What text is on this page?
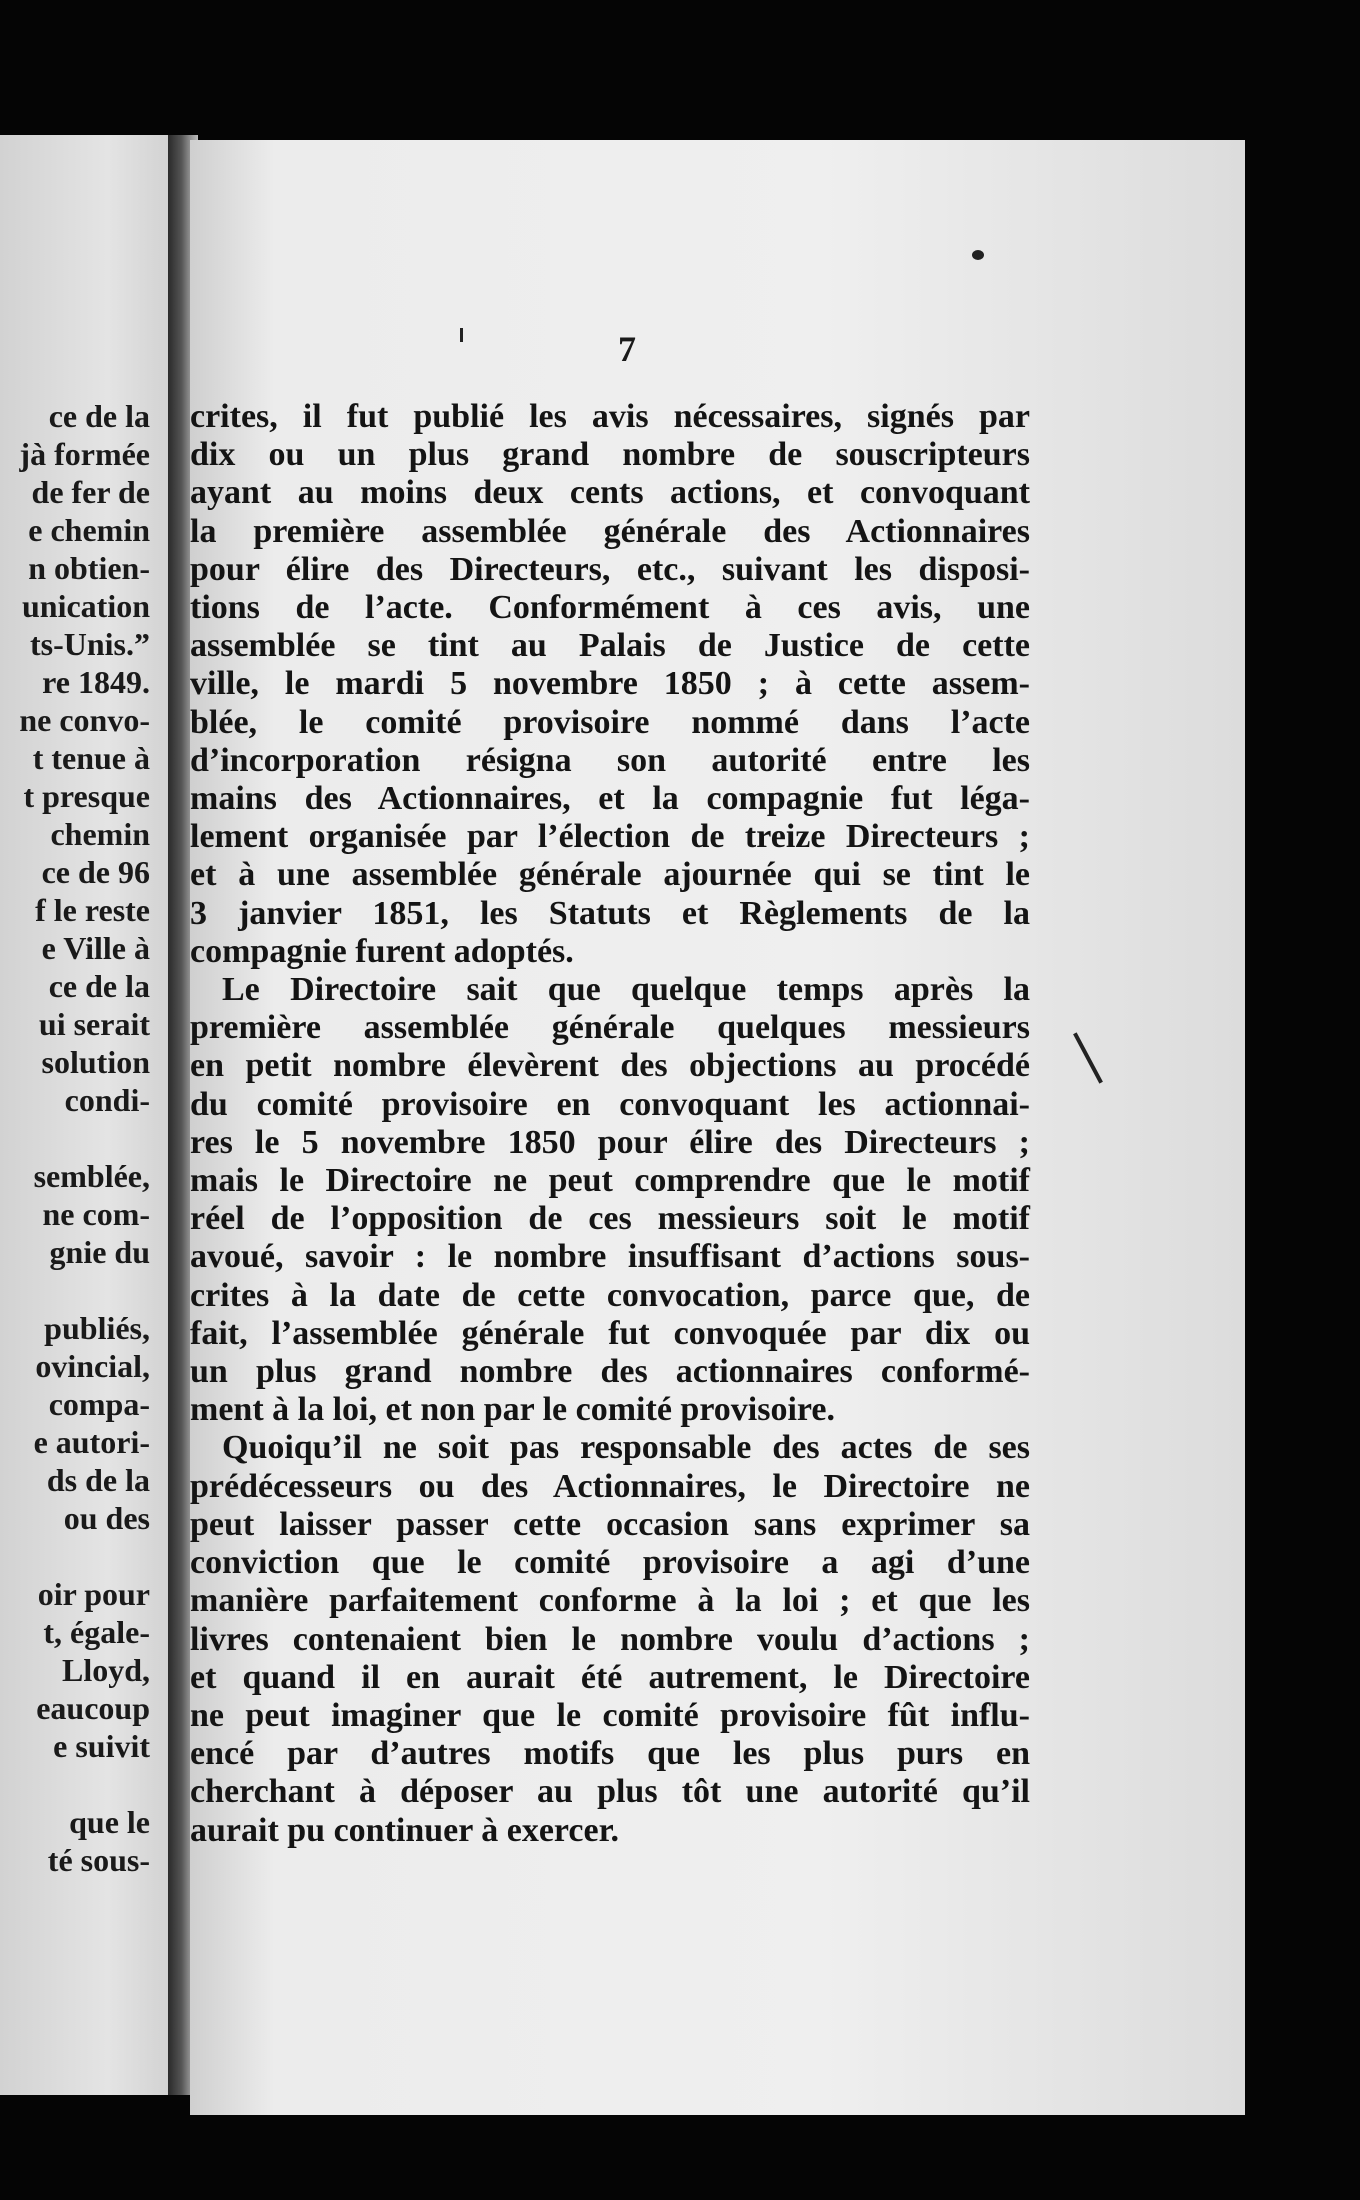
ce de la
jà formée
de fer de
e chemin
n obtien-
unication
ts-Unis.”
re 1849.
ne convo-
t tenue à
t presque
chemin
ce de 96
f le reste
e Ville à
ce de la
ui serait
solution
condi-

semblée,
ne com-
gnie du

publiés,
ovincial,
compa-
e autori-
ds de la
ou des

oir pour
t, égale-
Lloyd,
eaucoup
e suivit

que le
té sous-
7
crites, il fut publié les avis nécessaires, signés par
dix ou un plus grand nombre de souscripteurs
ayant au moins deux cents actions, et convoquant
la première assemblée générale des Actionnaires
pour élire des Directeurs, etc., suivant les disposi-
tions de l’acte. Conformément à ces avis, une
assemblée se tint au Palais de Justice de cette
ville, le mardi 5 novembre 1850 ; à cette assem-
blée, le comité provisoire nommé dans l’acte
d’incorporation résigna son autorité entre les
mains des Actionnaires, et la compagnie fut léga-
lement organisée par l’élection de treize Directeurs ;
et à une assemblée générale ajournée qui se tint le
3 janvier 1851, les Statuts et Règlements de la
compagnie furent adoptés.
Le Directoire sait que quelque temps après la
première assemblée générale quelques messieurs
en petit nombre élevèrent des objections au procédé
du comité provisoire en convoquant les actionnai-
res le 5 novembre 1850 pour élire des Directeurs ;
mais le Directoire ne peut comprendre que le motif
réel de l’opposition de ces messieurs soit le motif
avoué, savoir : le nombre insuffisant d’actions sous-
crites à la date de cette convocation, parce que, de
fait, l’assemblée générale fut convoquée par dix ou
un plus grand nombre des actionnaires conformé-
ment à la loi, et non par le comité provisoire.
Quoiqu’il ne soit pas responsable des actes de ses
prédécesseurs ou des Actionnaires, le Directoire ne
peut laisser passer cette occasion sans exprimer sa
conviction que le comité provisoire a agi d’une
manière parfaitement conforme à la loi ; et que les
livres contenaient bien le nombre voulu d’actions ;
et quand il en aurait été autrement, le Directoire
ne peut imaginer que le comité provisoire fût influ-
encé par d’autres motifs que les plus purs en
cherchant à déposer au plus tôt une autorité qu’il
aurait pu continuer à exercer.
